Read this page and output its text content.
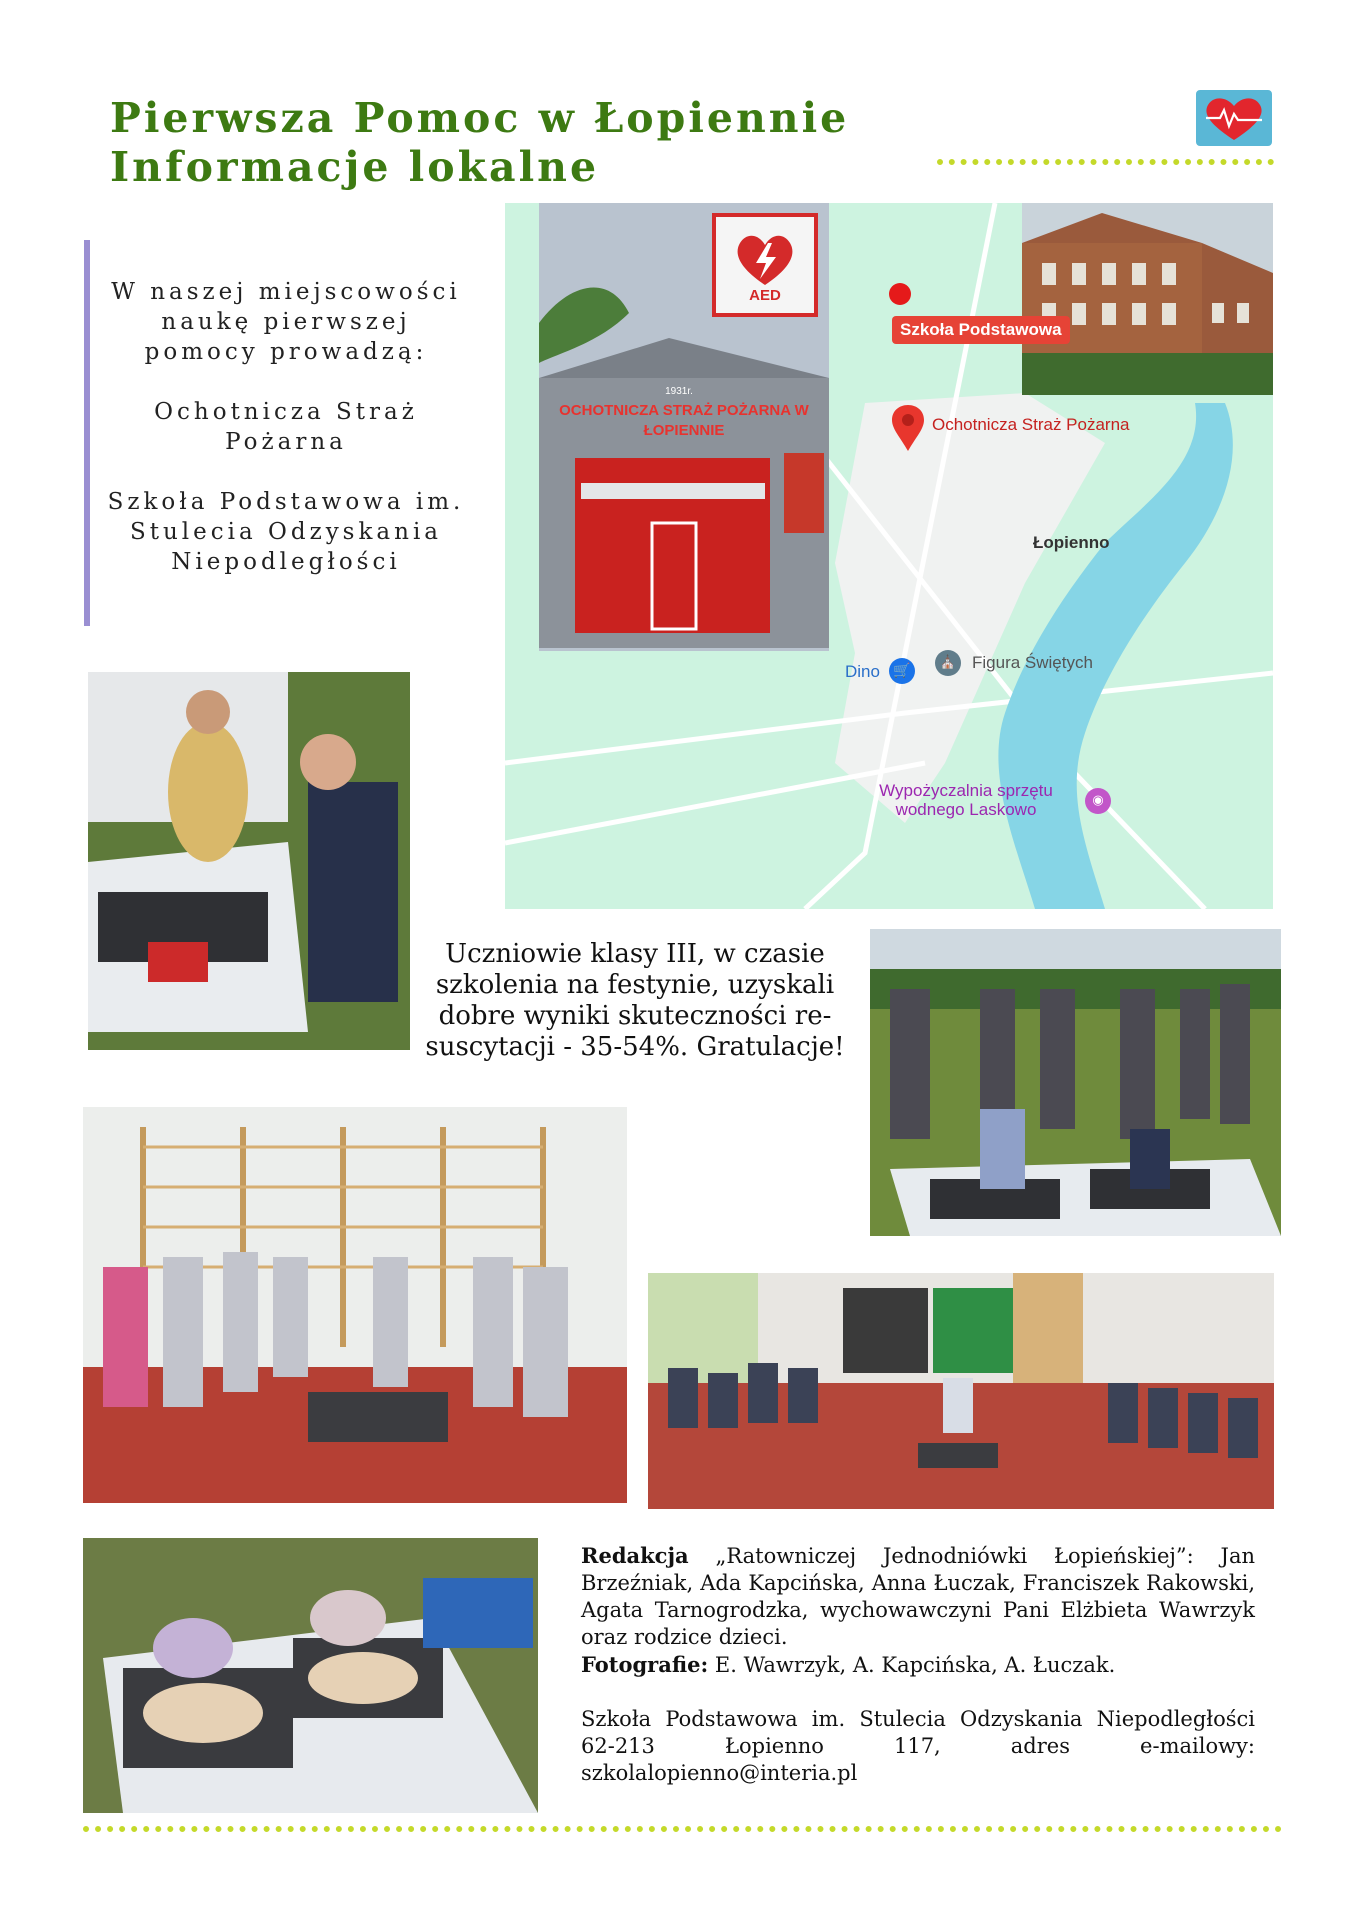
Pierwsza Pomoc w Łopiennie
Informacje lokalne

W naszej miejscowości naukę pierwszej pomocy prowadzą:

Ochotnicza Straż Pożarna

Szkoła Podstawowa im. Stulecia Odzyskania Niepodległości

AED
1931r.
OCHOTNICZA STRAŻ POŻARNA W ŁOPIENNIE
Szkoła Podstawowa
Ochotnicza Straż Pożarna
Łopienno
Dino 🛒
⛪ Figura Świętych
Wypożyczalnia sprzętu wodnego Laskowo	◉
Uczniowie klasy III, w czasie szkolenia na festynie, uzyskali dobre wyniki skuteczności re-suscytacji - 35-54%. Gratulacje!

Redakcja „Ratowniczej Jednodniówki Łopieńskiej”: Jan Brzeźniak, Ada Kapcińska, Anna Łuczak, Franciszek Rakowski, Agata Tarnogrodzka, wychowawczyni Pani Elżbieta Wawrzyk oraz rodzice dzieci.

Fotografie: E. Wawrzyk, A. Kapcińska, A. Łuczak.

Szkoła Podstawowa im. Stulecia Odzyskania Niepodległości 62-213 Łopienno 117, adres e-mailowy: szkolalopienno@interia.pl
